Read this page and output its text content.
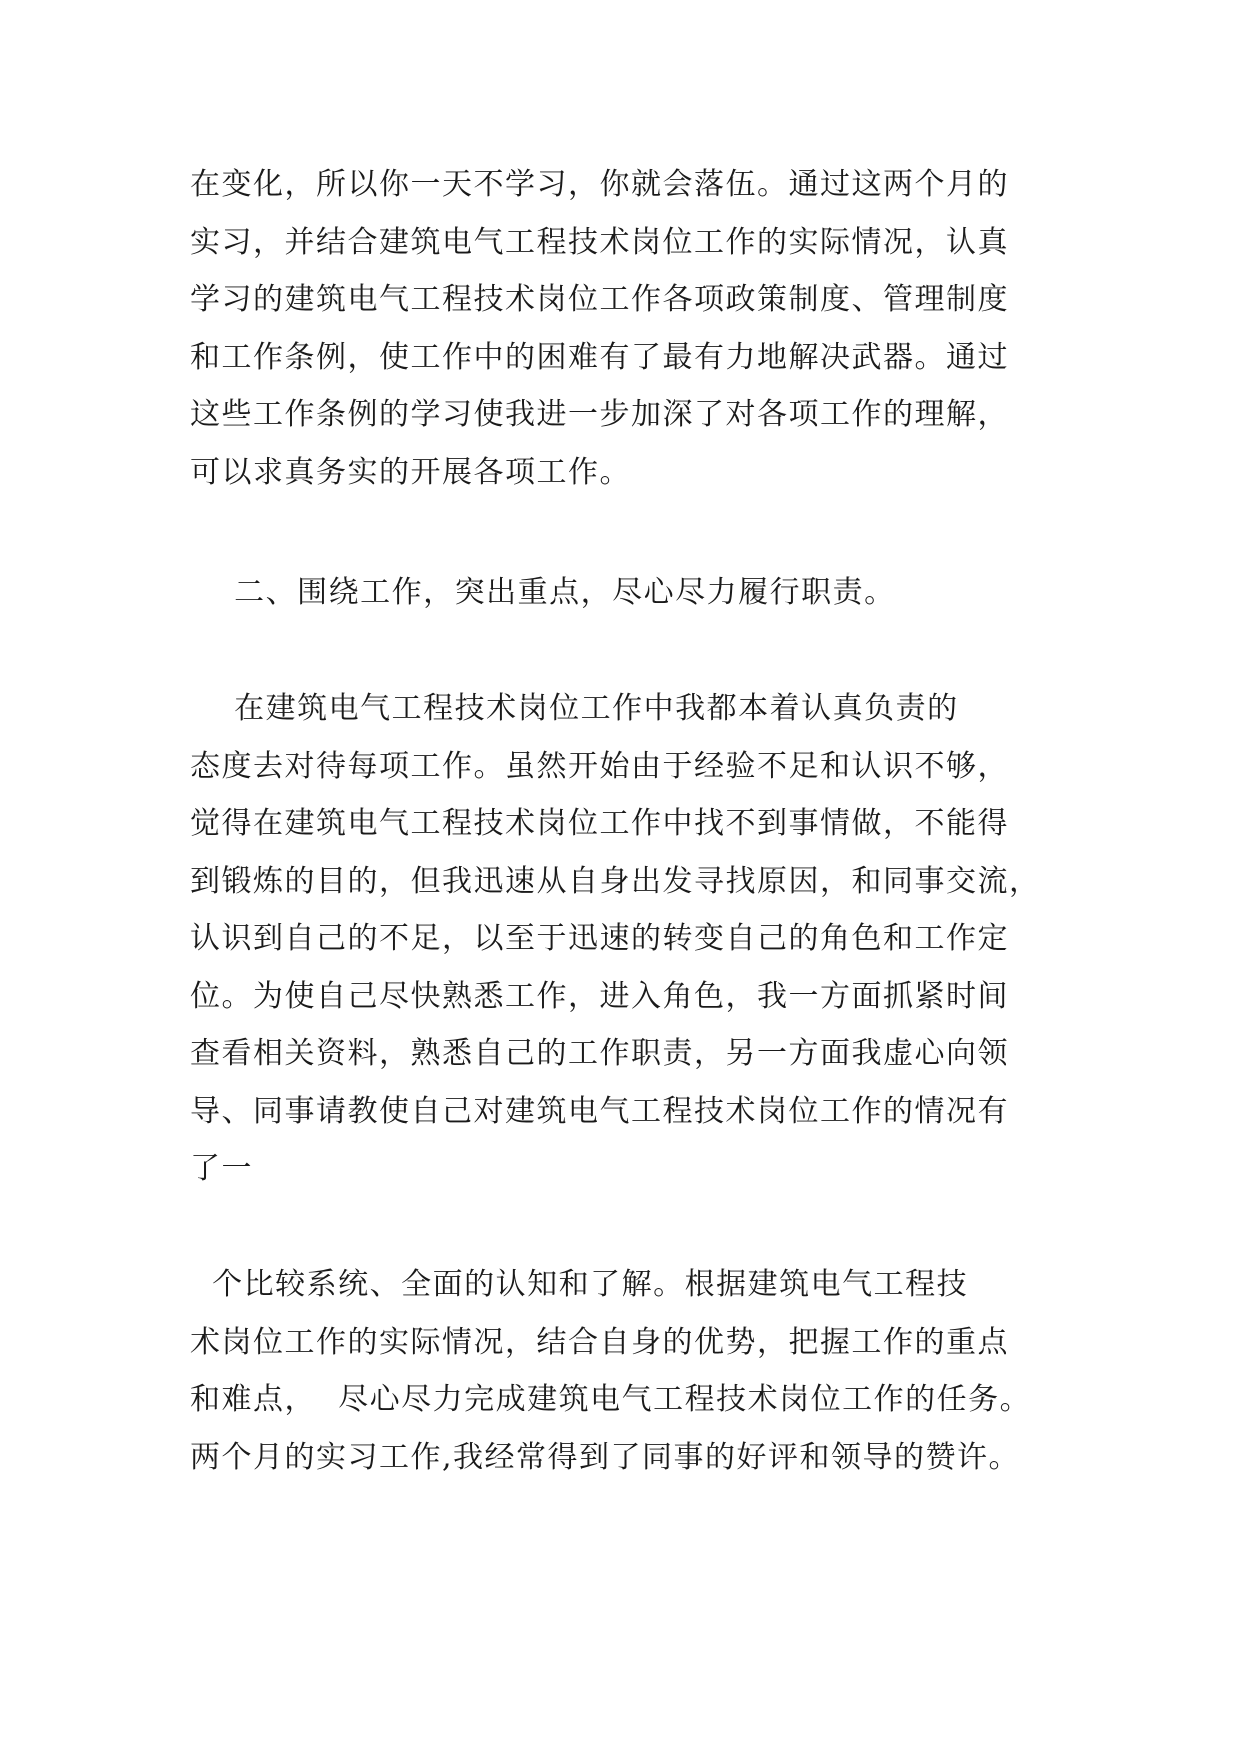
在变化，所以你一天不学习，你就会落伍。通过这两个月的
实习，并结合建筑电气工程技术岗位工作的实际情况，认真
学习的建筑电气工程技术岗位工作各项政策制度、管理制度
和工作条例，使工作中的困难有了最有力地解决武器。通过
这些工作条例的学习使我进一步加深了对各项工作的理解，
可以求真务实的开展各项工作。
二、围绕工作，突出重点，尽心尽力履行职责。
在建筑电气工程技术岗位工作中我都本着认真负责的
态度去对待每项工作。虽然开始由于经验不足和认识不够，
觉得在建筑电气工程技术岗位工作中找不到事情做，不能得
到锻炼的目的，但我迅速从自身出发寻找原因，和同事交流，
认识到自己的不足，以至于迅速的转变自己的角色和工作定
位。为使自己尽快熟悉工作，进入角色，我一方面抓紧时间
查看相关资料，熟悉自己的工作职责，另一方面我虚心向领
导、同事请教使自己对建筑电气工程技术岗位工作的情况有
了一
个比较系统、全面的认知和了解。根据建筑电气工程技
术岗位工作的实际情况，结合自身的优势，把握工作的重点
和难点，  尽心尽力完成建筑电气工程技术岗位工作的任务。
两个月的实习工作,我经常得到了同事的好评和领导的赞许。
